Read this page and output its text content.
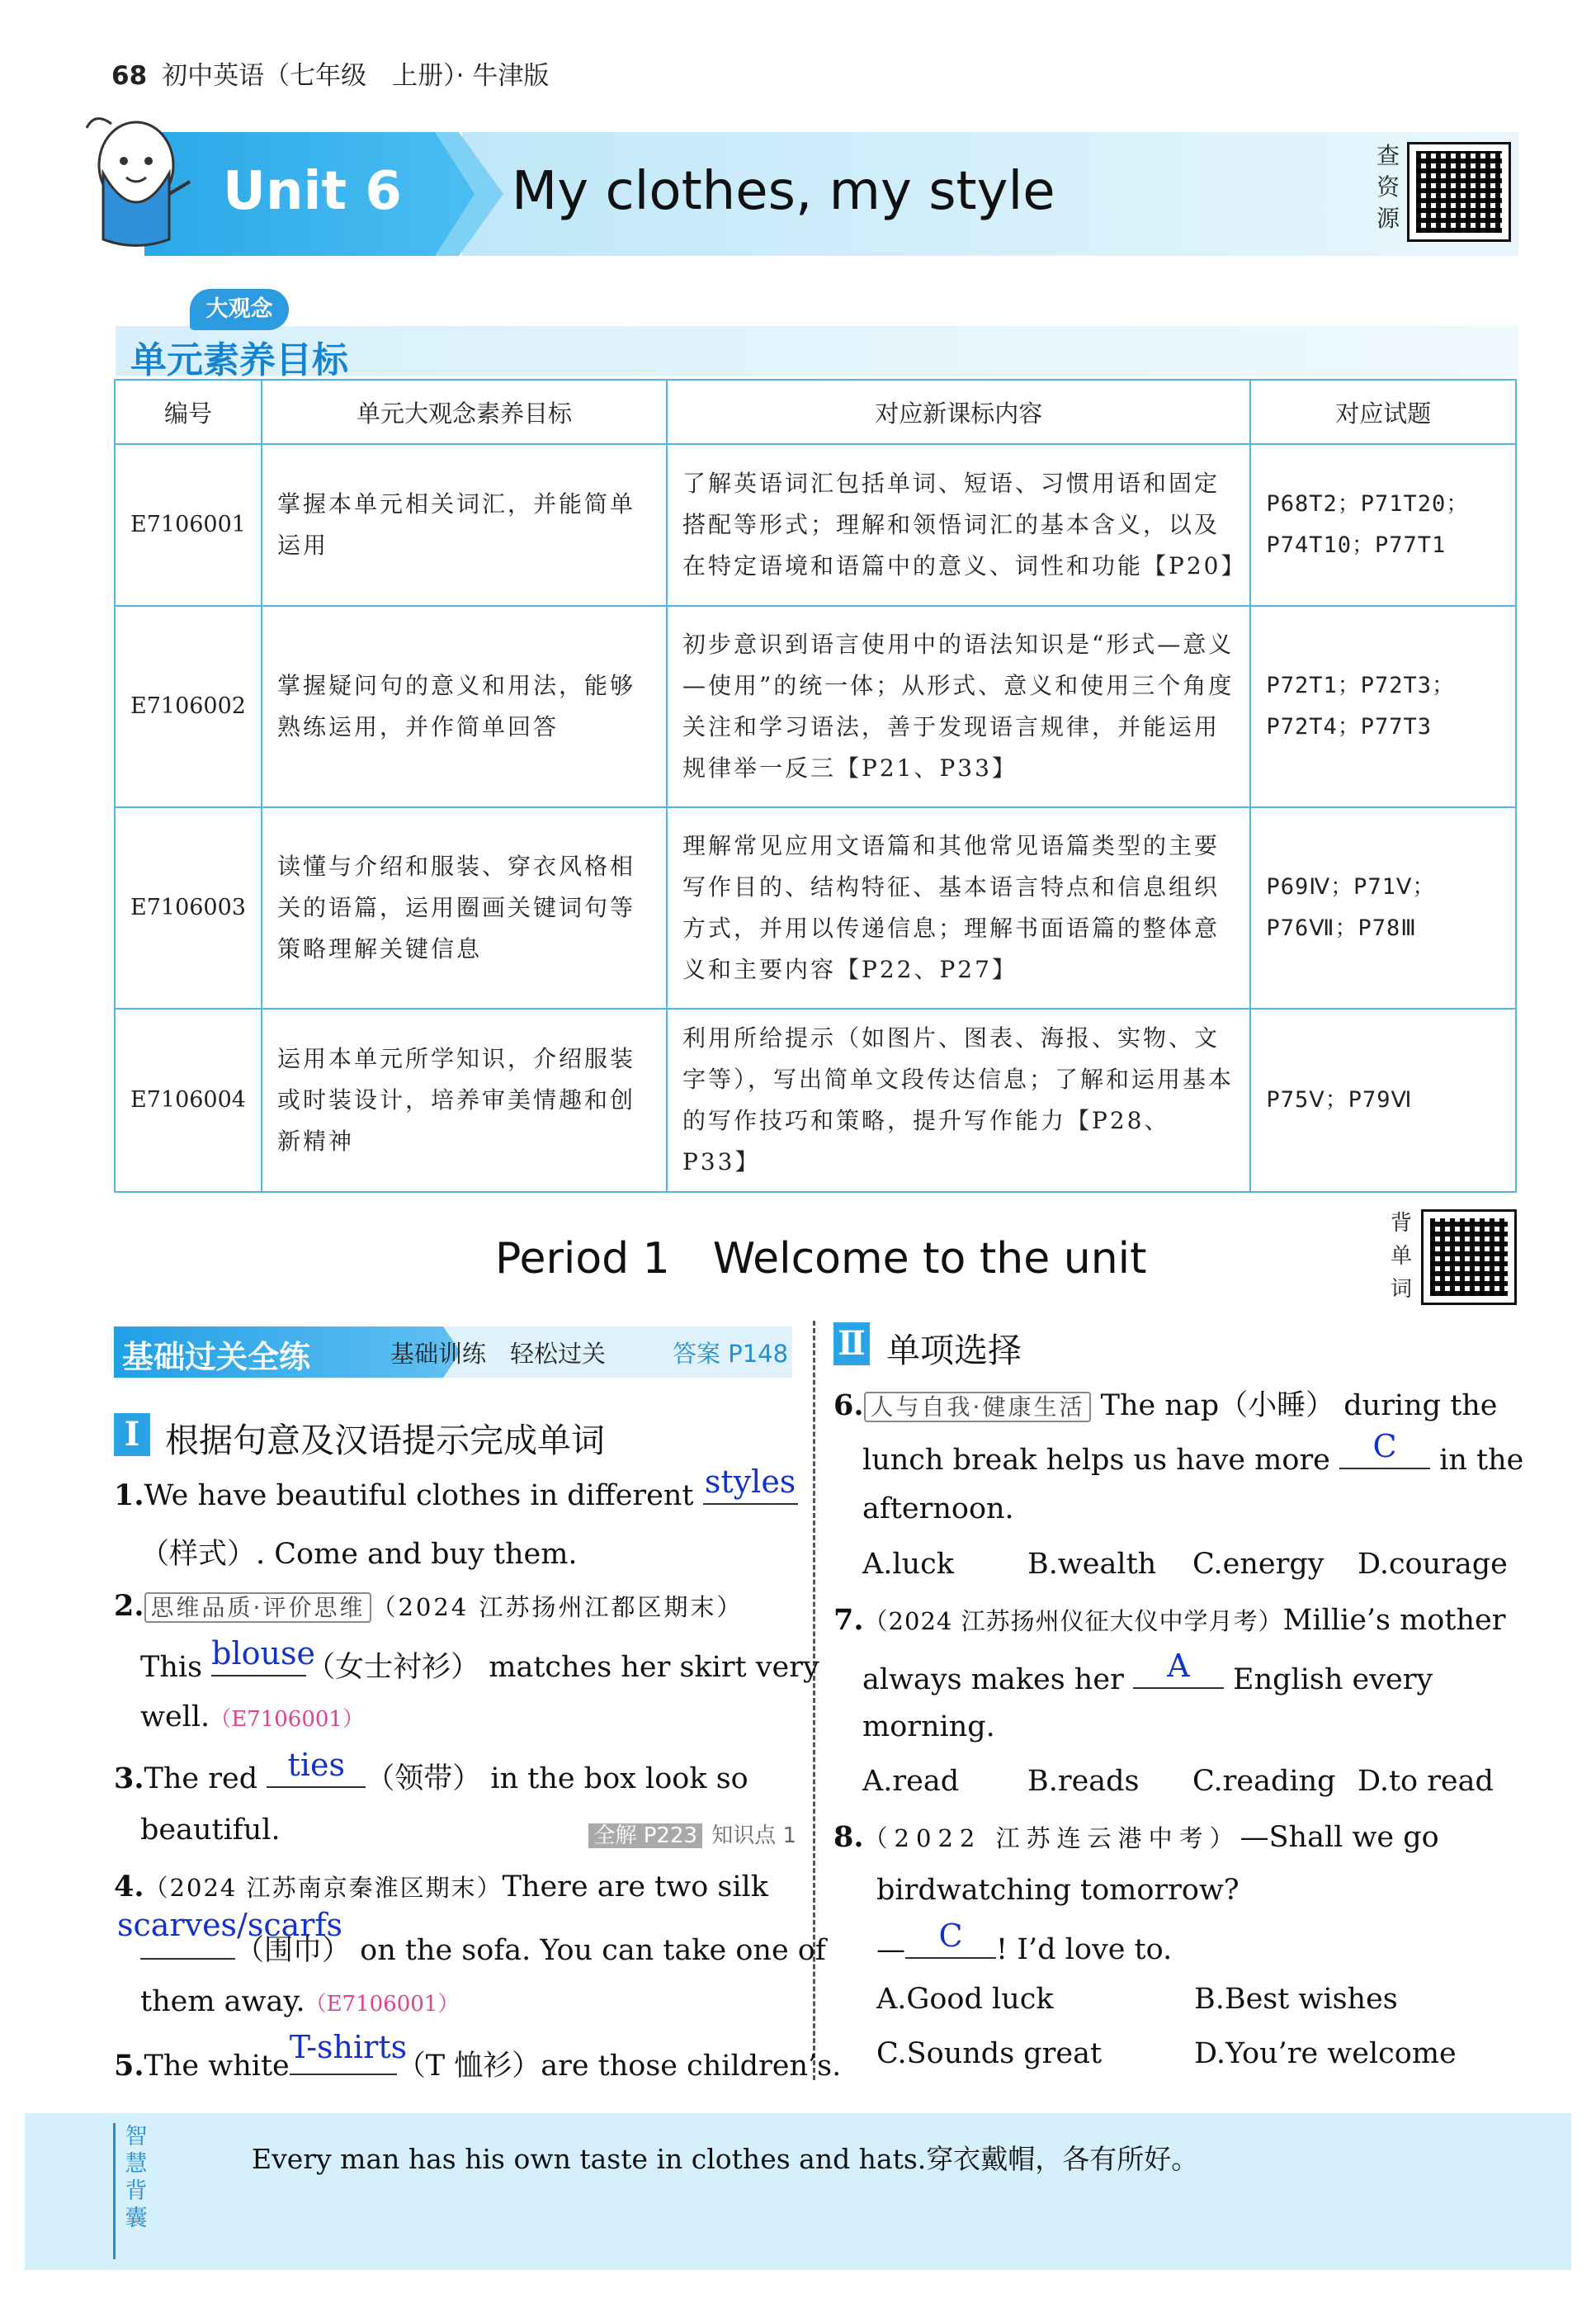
68 初中英语（七年级　上册）· 牛津版
Unit 6 My clothes, my style
查资源
大观念
单元素养目标
编号	单元大观念素养目标	对应新课标内容	对应试题
E7106001	掌握本单元相关词汇，并能简单运用	了解英语词汇包括单词、短语、习惯用语和固定搭配等形式；理解和领悟词汇的基本含义，以及在特定语境和语篇中的意义、词性和功能【P20】	P68T2；P71T20；P74T10；P77T1
E7106002	掌握疑问句的意义和用法，能够熟练运用，并作简单回答	初步意识到语言使用中的语法知识是“形式—意义—使用”的统一体；从形式、意义和使用三个角度关注和学习语法，善于发现语言规律，并能运用规律举一反三【P21、P33】	P72T1；P72T3；P72T4；P77T3
E7106003	读懂与介绍和服装、穿衣风格相关的语篇，运用圈画关键词句等策略理解关键信息	理解常见应用文语篇和其他常见语篇类型的主要写作目的、结构特征、基本语言特点和信息组织方式，并用以传递信息；理解书面语篇的整体意义和主要内容【P22、P27】	P69Ⅳ；P71Ⅴ；P76Ⅶ；P78Ⅲ
E7106004	运用本单元所学知识，介绍服装或时装设计，培养审美情趣和创新精神	利用所给提示（如图片、图表、海报、实物、文字等），写出简单文段传达信息；了解和运用基本的写作技巧和策略，提升写作能力【P28、P33】	P75Ⅴ；P79Ⅵ
Period 1　Welcome to the unit
背单词
基础过关全练	基础训练　轻松过关	答案 P148
Ⅰ 根据句意及汉语提示完成单词
1.We have beautiful clothes in different styles
（样式）. Come and buy them.
2. 思维品质·评价思维 （2024 江苏扬州江都区期末）
This blouse
（女士衬衫） matches her skirt very
well.（E7106001）
3.The red ties （领带） in the box look so
beautiful.	全解 P223 知识点 1
4.（2024 江苏南京秦淮区期末）There are two silk
scarves/scarfs
（围巾） on the sofa. You can take one of
them away.（E7106001）
5.The white
T-shirts
（T 恤衫）are those children’s.
Ⅱ 单项选择
6. 人与自我·健康生活 The nap（小睡） during the
lunch break helps us have more	C	in the
afternoon.
A.luck	B.wealth C.energy D.courage
7.（2024 江苏扬州仪征大仪中学月考）Millie’s mother
always makes her	A	English every
morning.
A.read B.reads C.reading D.to read
8.（2022 江苏连云港中考）—Shall we go
birdwatching tomorrow?
—	C	! I’d love to.
A.Good luck	B.Best wishes
C.Sounds great	D.You’re welcome
智慧背囊
Every man has his own taste in clothes and hats.穿衣戴帽，各有所好。
